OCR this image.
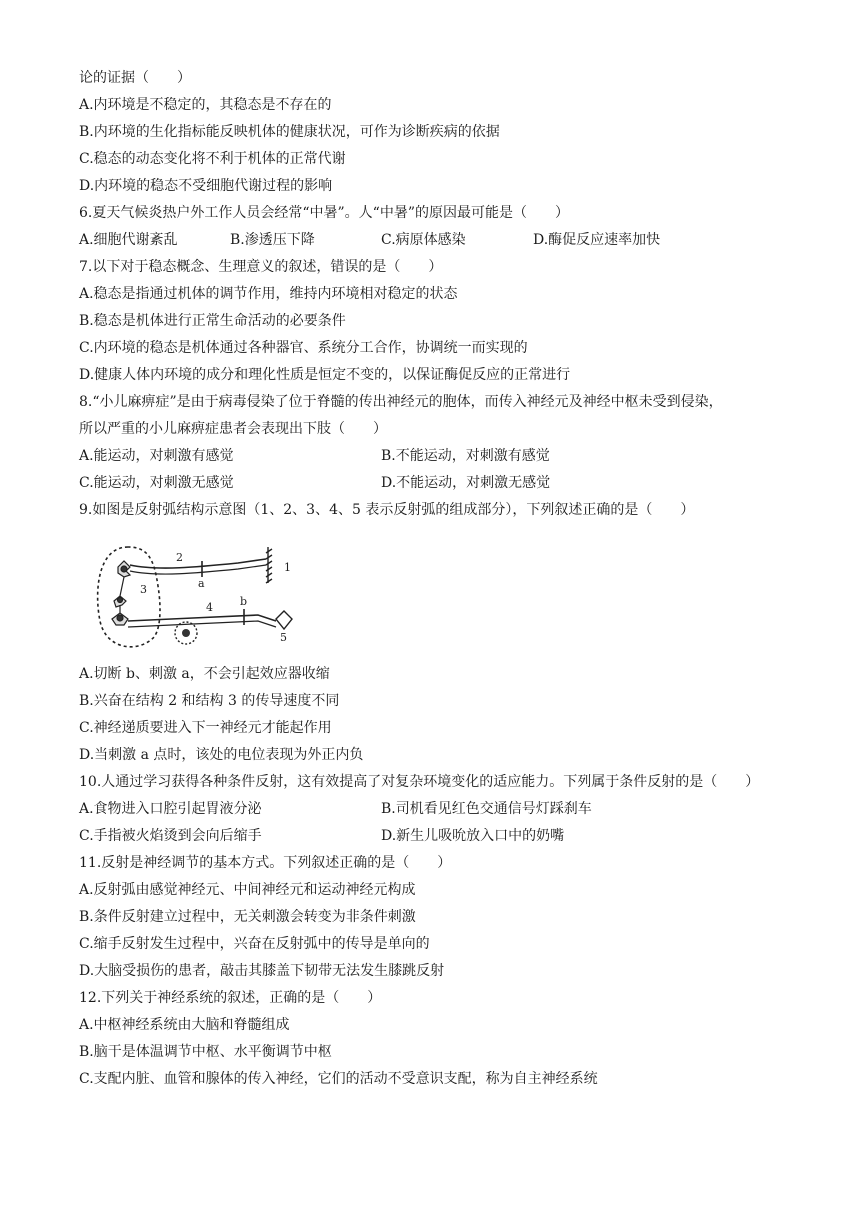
论的证据（　　）
A.内环境是不稳定的，其稳态是不存在的
B.内环境的生化指标能反映机体的健康状况，可作为诊断疾病的依据
C.稳态的动态变化将不利于机体的正常代谢
D.内环境的稳态不受细胞代谢过程的影响
6.夏天气候炎热户外工作人员会经常“中暑”。人“中暑”的原因最可能是（　　）
A.细胞代谢紊乱	B.渗透压下降	C.病原体感染	D.酶促反应速率加快
7.以下对于稳态概念、生理意义的叙述，错误的是（　　）
A.稳态是指通过机体的调节作用，维持内环境相对稳定的状态
B.稳态是机体进行正常生命活动的必要条件
C.内环境的稳态是机体通过各种器官、系统分工合作，协调统一而实现的
D.健康人体内环境的成分和理化性质是恒定不变的，以保证酶促反应的正常进行
8.“小儿麻痹症”是由于病毒侵染了位于脊髓的传出神经元的胞体，而传入神经元及神经中枢未受到侵染，
所以严重的小儿麻痹症患者会表现出下肢（　　）
A.能运动，对刺激有感觉	B.不能运动，对刺激有感觉
C.能运动，对刺激无感觉	D.不能运动，对刺激无感觉
9.如图是反射弧结构示意图（1、2、3、4、5 表示反射弧的组成部分），下列叙述正确的是（　　）
2
a
1
3
4 b
5
A.切断 b、刺激 a，不会引起效应器收缩
B.兴奋在结构 2 和结构 3 的传导速度不同
C.神经递质要进入下一神经元才能起作用
D.当刺激 a 点时，该处的电位表现为外正内负
10.人通过学习获得各种条件反射，这有效提高了对复杂环境变化的适应能力。下列属于条件反射的是（　　）
A.食物进入口腔引起胃液分泌	B.司机看见红色交通信号灯踩刹车
C.手指被火焰烫到会向后缩手	D.新生儿吸吮放入口中的奶嘴
11.反射是神经调节的基本方式。下列叙述正确的是（　　）
A.反射弧由感觉神经元、中间神经元和运动神经元构成
B.条件反射建立过程中，无关刺激会转变为非条件刺激
C.缩手反射发生过程中，兴奋在反射弧中的传导是单向的
D.大脑受损伤的患者，敲击其膝盖下韧带无法发生膝跳反射
12.下列关于神经系统的叙述，正确的是（　　）
A.中枢神经系统由大脑和脊髓组成
B.脑干是体温调节中枢、水平衡调节中枢
C.支配内脏、血管和腺体的传入神经，它们的活动不受意识支配，称为自主神经系统
